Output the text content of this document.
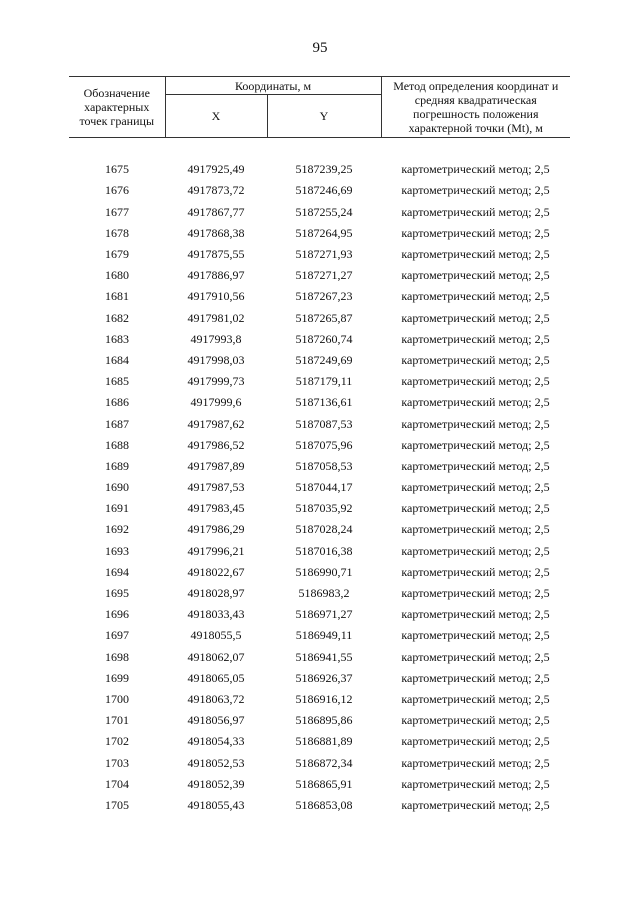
95
Обозначение характерных точек границы	Координаты, м		Метод определения координат и средняя квадратическая погрешность положения характерной точки (Mt), м
	X	Y	

1675	4917925,49	5187239,25	картометрический метод; 2,5
1676	4917873,72	5187246,69	картометрический метод; 2,5
1677	4917867,77	5187255,24	картометрический метод; 2,5
1678	4917868,38	5187264,95	картометрический метод; 2,5
1679	4917875,55	5187271,93	картометрический метод; 2,5
1680	4917886,97	5187271,27	картометрический метод; 2,5
1681	4917910,56	5187267,23	картометрический метод; 2,5
1682	4917981,02	5187265,87	картометрический метод; 2,5
1683	4917993,8	5187260,74	картометрический метод; 2,5
1684	4917998,03	5187249,69	картометрический метод; 2,5
1685	4917999,73	5187179,11	картометрический метод; 2,5
1686	4917999,6	5187136,61	картометрический метод; 2,5
1687	4917987,62	5187087,53	картометрический метод; 2,5
1688	4917986,52	5187075,96	картометрический метод; 2,5
1689	4917987,89	5187058,53	картометрический метод; 2,5
1690	4917987,53	5187044,17	картометрический метод; 2,5
1691	4917983,45	5187035,92	картометрический метод; 2,5
1692	4917986,29	5187028,24	картометрический метод; 2,5
1693	4917996,21	5187016,38	картометрический метод; 2,5
1694	4918022,67	5186990,71	картометрический метод; 2,5
1695	4918028,97	5186983,2	картометрический метод; 2,5
1696	4918033,43	5186971,27	картометрический метод; 2,5
1697	4918055,5	5186949,11	картометрический метод; 2,5
1698	4918062,07	5186941,55	картометрический метод; 2,5
1699	4918065,05	5186926,37	картометрический метод; 2,5
1700	4918063,72	5186916,12	картометрический метод; 2,5
1701	4918056,97	5186895,86	картометрический метод; 2,5
1702	4918054,33	5186881,89	картометрический метод; 2,5
1703	4918052,53	5186872,34	картометрический метод; 2,5
1704	4918052,39	5186865,91	картометрический метод; 2,5
1705	4918055,43	5186853,08	картометрический метод; 2,5
